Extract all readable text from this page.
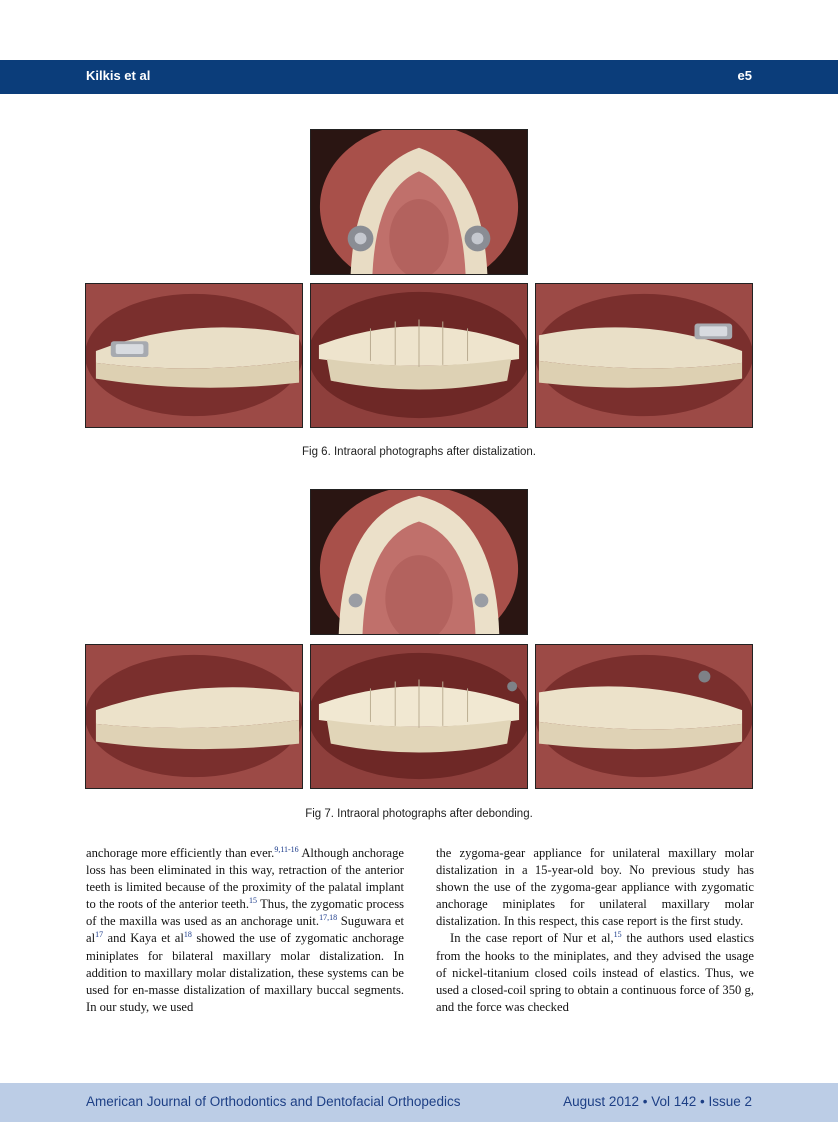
Kilkis et al	e5
Fig 6. Intraoral photographs after distalization.
Fig 7. Intraoral photographs after debonding.

anchorage more efficiently than ever.$^{9,11-16}$ Although anchorage loss has been eliminated in this way, retraction of the anterior teeth is limited because of the proximity of the palatal implant to the roots of the anterior teeth.$^{15}$ Thus, the zygomatic process of the maxilla was used as an anchorage unit.$^{17,18}$ Suguwara et $al^{17}$ and Kaya et $al^{18}$ showed the use of zygomatic anchorage miniplates for bilateral maxillary molar distalization. In addition to maxillary molar distalization, these systems can be used for en-masse distalization of maxillary buccal segments. In our study, we used

the zygoma-gear appliance for unilateral maxillary molar distalization in a 15-year-old boy. No previous study has shown the use of the zygoma-gear appliance with zygomatic anchorage miniplates for unilateral maxillary molar distalization. In this respect, this case report is the first study.

In the case report of Nur et al,$^{15}$ the authors used elastics from the hooks to the miniplates, and they advised the usage of nickel-titanium closed coils instead of elastics. Thus, we used a closed-coil spring to obtain a continuous force of 350 g, and the force was checked

American Journal of Orthodontics and Dentofacial Orthopedics	August 2012 • Vol 142 • Issue 2
